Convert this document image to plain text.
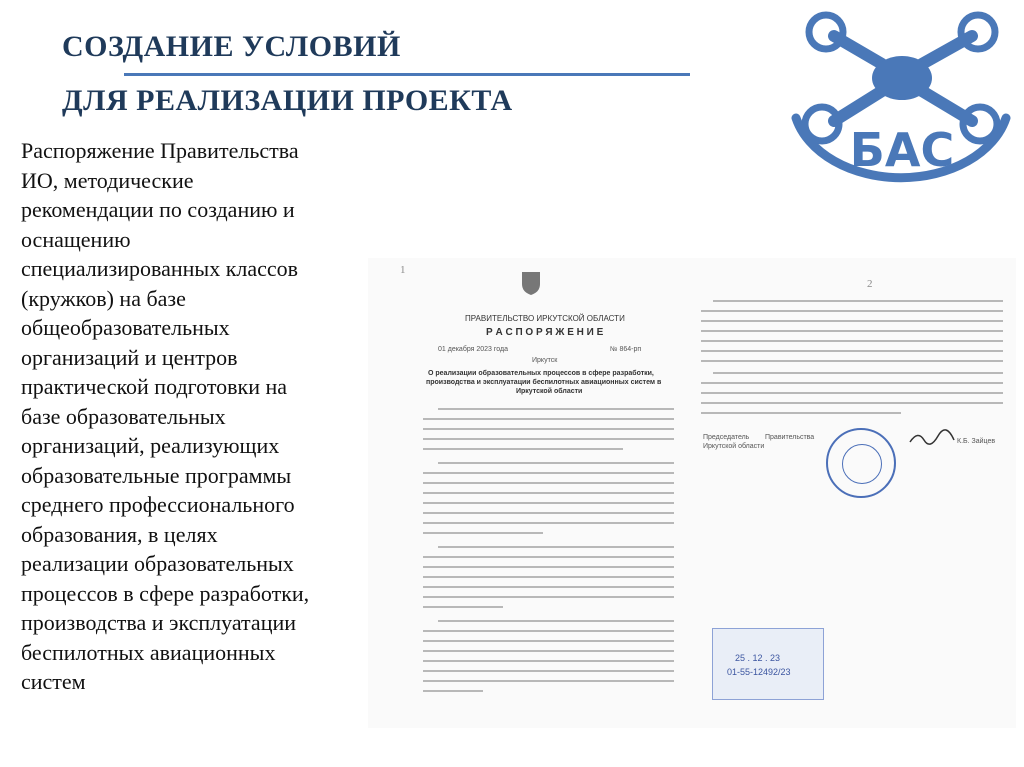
СОЗДАНИЕ УСЛОВИЙ
ДЛЯ РЕАЛИЗАЦИИ ПРОЕКТА
Распоряжение Правительства
ИО, методические
рекомендации по созданию и
оснащению
специализированных классов
(кружков) на базе
общеобразовательных
организаций и центров
практической подготовки на
базе образовательных
организаций, реализующих
образовательные программы
среднего профессионального
образования, в целях
реализации образовательных
процессов в сфере разработки,
производства и эксплуатации
беспилотных авиационных
систем
БАС
1
ПРАВИТЕЛЬСТВО ИРКУТСКОЙ ОБЛАСТИ
Р А С П О Р Я Ж Е Н И Е
01 декабря 2023 года	№ 864-рп
Иркутск
О реализации образовательных процессов в сфере разработки,
производства и эксплуатации беспилотных авиационных систем в
Иркутской области
2
Председатель Правительства
Иркутской области
К.Б. Зайцев
25 . 12 . 23
01-55-12492/23
